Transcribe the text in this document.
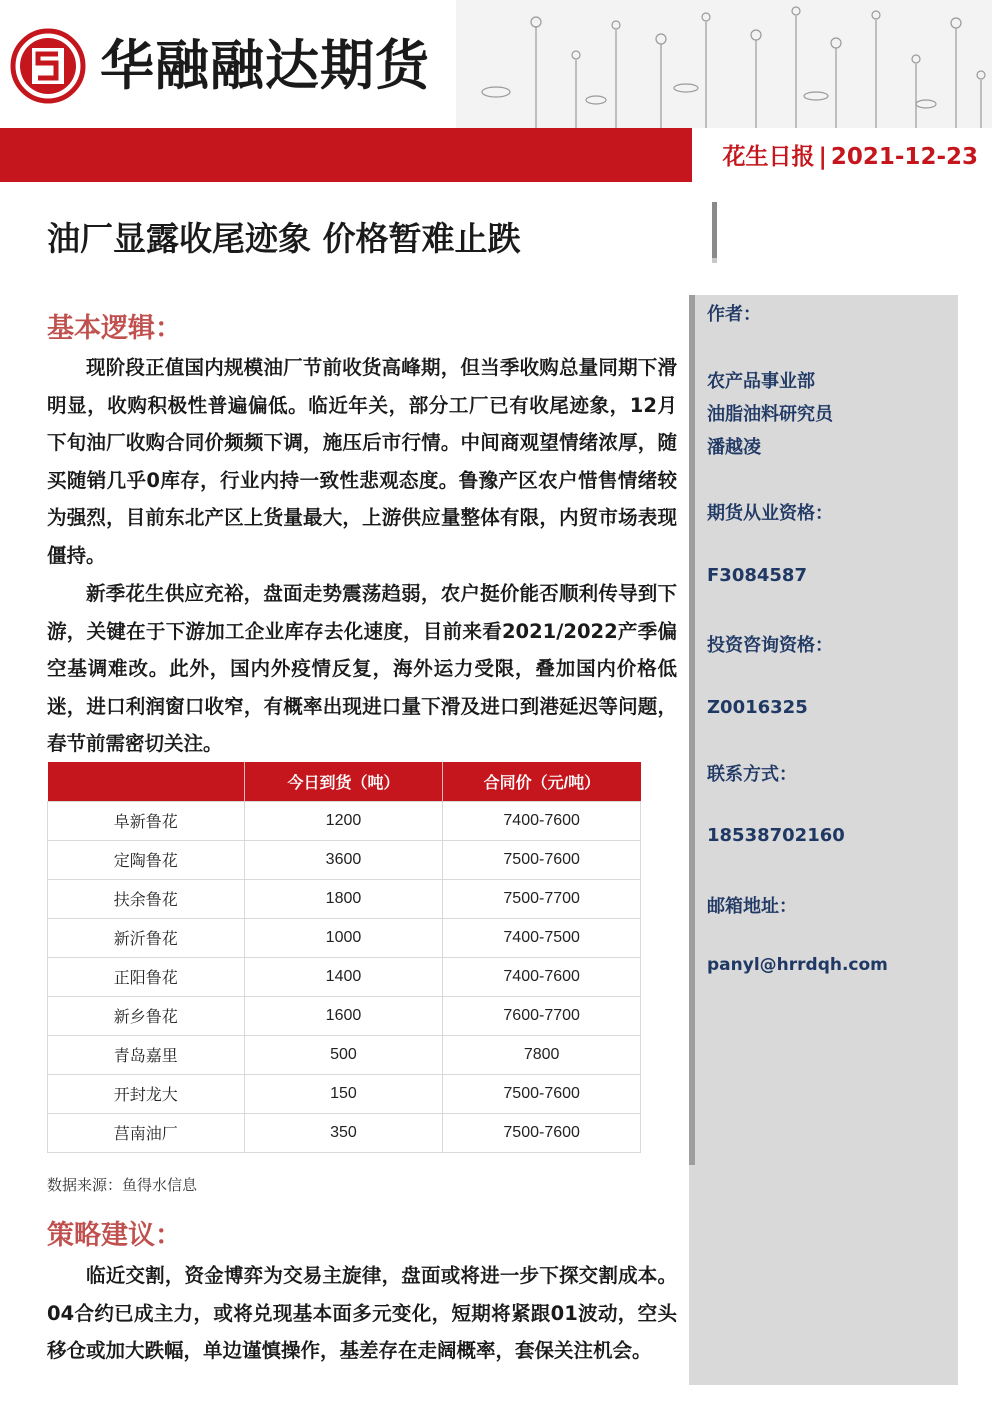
华融融达期货
花生日报 | 2021-12-23
油厂显露收尾迹象 价格暂难止跌
作者：
农产品事业部
油脂油料研究员
潘越凌
期货从业资格：
F3084587
投资咨询资格：
Z0016325
联系方式：
18538702160
邮箱地址：
panyl@hrrdqh.com
基本逻辑：

现阶段正值国内规模油厂节前收货高峰期，但当季收购总量同期下滑明显，收购积极性普遍偏低。临近年关，部分工厂已有收尾迹象，12月下旬油厂收购合同价频频下调，施压后市行情。中间商观望情绪浓厚，随买随销几乎0库存，行业内持一致性悲观态度。鲁豫产区农户惜售情绪较为强烈，目前东北产区上货量最大，上游供应量整体有限，内贸市场表现僵持。

新季花生供应充裕，盘面走势震荡趋弱，农户挺价能否顺利传导到下游，关键在于下游加工企业库存去化速度，目前来看2021/2022产季偏空基调难改。此外，国内外疫情反复，海外运力受限，叠加国内价格低迷，进口利润窗口收窄，有概率出现进口量下滑及进口到港延迟等问题，春节前需密切关注。

	今日到货（吨）	合同价（元/吨）
阜新鲁花	1200	7400-7600
定陶鲁花	3600	7500-7600
扶余鲁花	1800	7500-7700
新沂鲁花	1000	7400-7500
正阳鲁花	1400	7400-7600
新乡鲁花	1600	7600-7700
青岛嘉里	500	7800
开封龙大	150	7500-7600
莒南油厂	350	7500-7600
数据来源：鱼得水信息
策略建议：

临近交割，资金博弈为交易主旋律，盘面或将进一步下探交割成本。04合约已成主力，或将兑现基本面多元变化，短期将紧跟01波动，空头移仓或加大跌幅，单边谨慎操作，基差存在走阔概率，套保关注机会。
